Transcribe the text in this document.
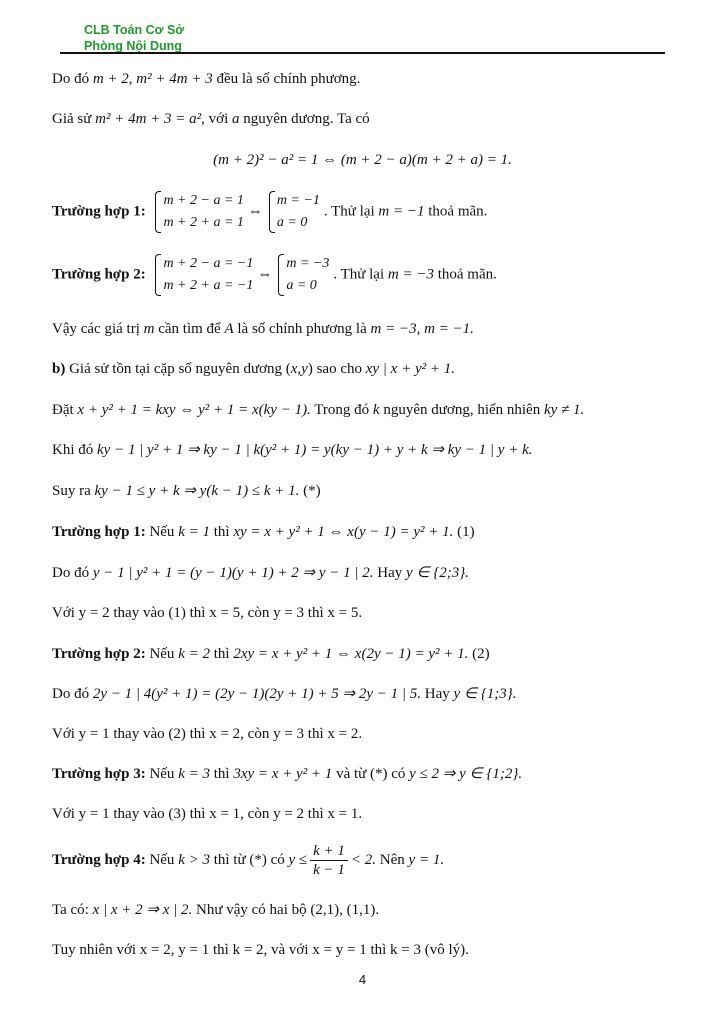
CLB Toán Cơ Sở
Phòng Nội Dung
Do đó m + 2, m² + 4m + 3 đều là số chính phương.
Giả sử m² + 4m + 3 = a², với a nguyên dương. Ta có
(m + 2)² − a² = 1 ⇔ (m + 2 − a)(m + 2 + a) = 1.
Trường hợp 1:
m + 2 − a = 1
m + 2 + a = 1
⇔
m = −1
a = 0
. Thử lại m = −1 thoả mãn.
Trường hợp 2:
m + 2 − a = −1
m + 2 + a = −1
⇔
m = −3
a = 0
. Thử lại m = −3 thoả mãn.
Vậy các giá trị m cần tìm để A là số chính phương là m = −3, m = −1.
b) Giả sử tồn tại cặp số nguyên dương (x,y) sao cho xy | x + y² + 1.
Đặt x + y² + 1 = kxy ⇔ y² + 1 = x(ky − 1). Trong đó k nguyên dương, hiển nhiên ky ≠ 1.
Khi đó ky − 1 | y² + 1 ⇒ ky − 1 | k(y² + 1) = y(ky − 1) + y + k ⇒ ky − 1 | y + k.
Suy ra ky − 1 ≤ y + k ⇒ y(k − 1) ≤ k + 1. (*)
Trường hợp 1: Nếu k = 1 thì xy = x + y² + 1 ⇔ x(y − 1) = y² + 1. (1)
Do đó y − 1 | y² + 1 = (y − 1)(y + 1) + 2 ⇒ y − 1 | 2. Hay y ∈ {2;3}.
Với y = 2 thay vào (1) thì x = 5, còn y = 3 thì x = 5.
Trường hợp 2: Nếu k = 2 thì 2xy = x + y² + 1 ⇔ x(2y − 1) = y² + 1. (2)
Do đó 2y − 1 | 4(y² + 1) = (2y − 1)(2y + 1) + 5 ⇒ 2y − 1 | 5. Hay y ∈ {1;3}.
Với y = 1 thay vào (2) thì x = 2, còn y = 3 thì x = 2.
Trường hợp 3: Nếu k = 3 thì 3xy = x + y² + 1 và từ (*) có y ≤ 2 ⇒ y ∈ {1;2}.
Với y = 1 thay vào (3) thì x = 1, còn y = 2 thì x = 1.
Trường hợp 4: Nếu k > 3 thì từ (*) có $y \le \frac{k + 1}{k - 1} < 2$. Nên y = 1.
Ta có: x | x + 2 ⇒ x | 2. Như vậy có hai bộ (2,1), (1,1).
Tuy nhiên với x = 2, y = 1 thì k = 2, và với x = y = 1 thì k = 3 (vô lý).
4
